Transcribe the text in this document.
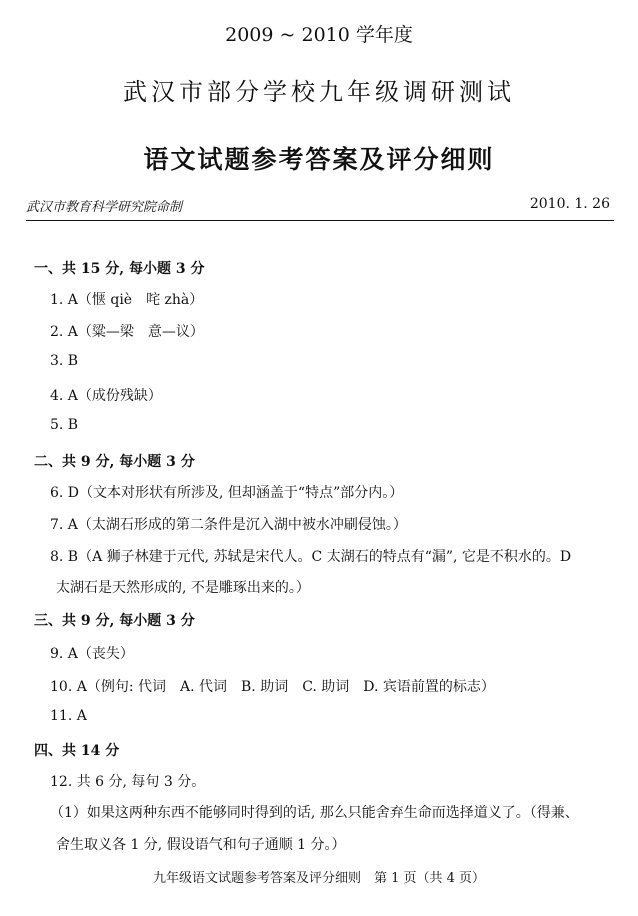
2009 ~ 2010 学年度
武汉市部分学校九年级调研测试
语文试题参考答案及评分细则
武汉市教育科学研究院命制	2010. 1. 26
一、共 15 分, 每小题 3 分
1. A（惬 qiè　咤 zhà）
2. A（粱—梁　意—议）
3. B
4. A（成份残缺）
5. B
二、共 9 分, 每小题 3 分
6. D（文本对形状有所涉及, 但却涵盖于“特点”部分内。）
7. A（太湖石形成的第二条件是沉入湖中被水冲刷侵蚀。）
8. B（A 狮子林建于元代, 苏轼是宋代人。C 太湖石的特点有“漏”, 它是不积水的。D
太湖石是天然形成的, 不是雕琢出来的。）
三、共 9 分, 每小题 3 分
9. A（丧失）
10. A（例句: 代词　A. 代词　B. 助词　C. 助词　D. 宾语前置的标志）
11. A
四、共 14 分
12. 共 6 分, 每句 3 分。
（1）如果这两种东西不能够同时得到的话, 那么只能舍弃生命而选择道义了。（得兼、
舍生取义各 1 分, 假设语气和句子通顺 1 分。）
九年级语文试题参考答案及评分细则　第 1 页（共 4 页）
